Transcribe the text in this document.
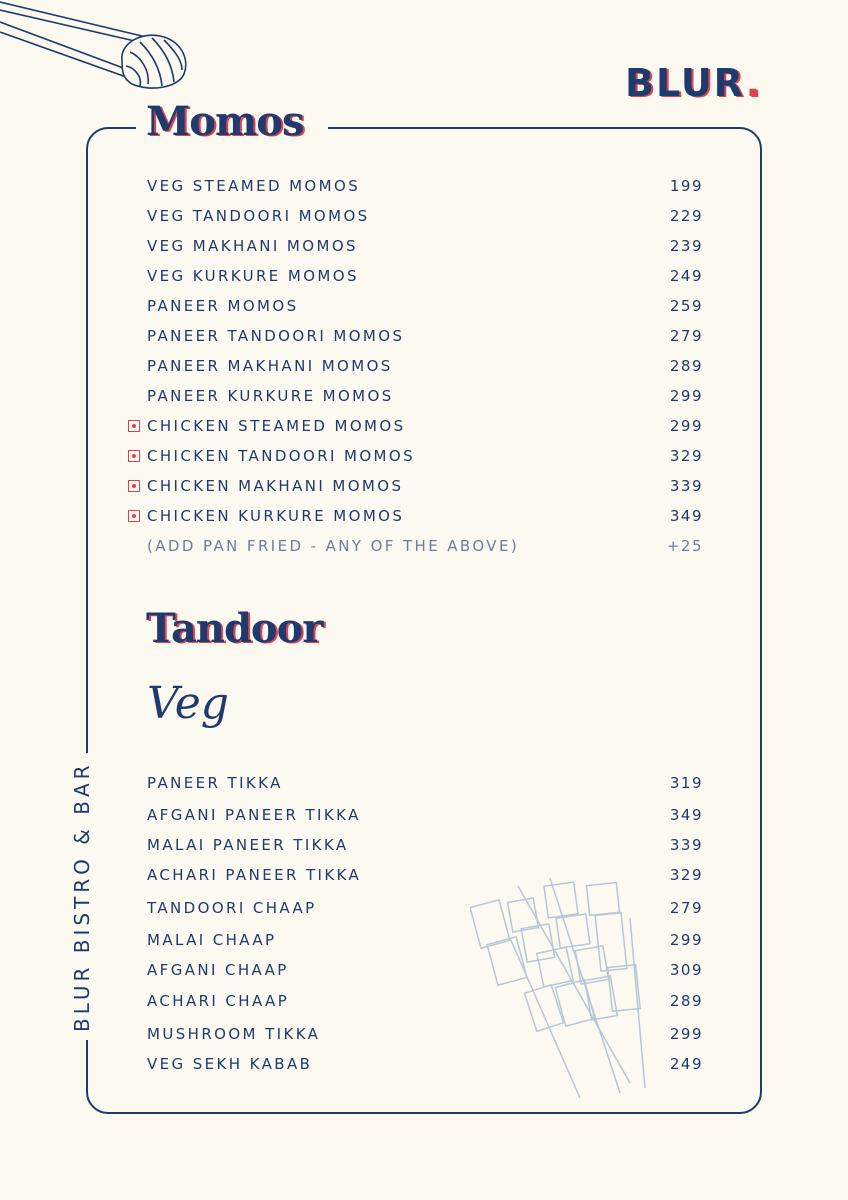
BLUR.
BLUR BISTRO & BAR
Momos
VEG STEAMED MOMOS	199
VEG TANDOORI MOMOS	229
VEG MAKHANI MOMOS	239
VEG KURKURE MOMOS	249
PANEER MOMOS	259
PANEER TANDOORI MOMOS	279
PANEER MAKHANI MOMOS	289
PANEER KURKURE MOMOS	299
CHICKEN STEAMED MOMOS	299
CHICKEN TANDOORI MOMOS	329
CHICKEN MAKHANI MOMOS	339
CHICKEN KURKURE MOMOS	349
(ADD PAN FRIED - ANY OF THE ABOVE)	+25
Tandoor
Veg
PANEER TIKKA	319
AFGANI PANEER TIKKA	349
MALAI PANEER TIKKA	339
ACHARI PANEER TIKKA	329
TANDOORI CHAAP	279
MALAI CHAAP	299
AFGANI CHAAP	309
ACHARI CHAAP	289
MUSHROOM TIKKA	299
VEG SEKH KABAB	249
